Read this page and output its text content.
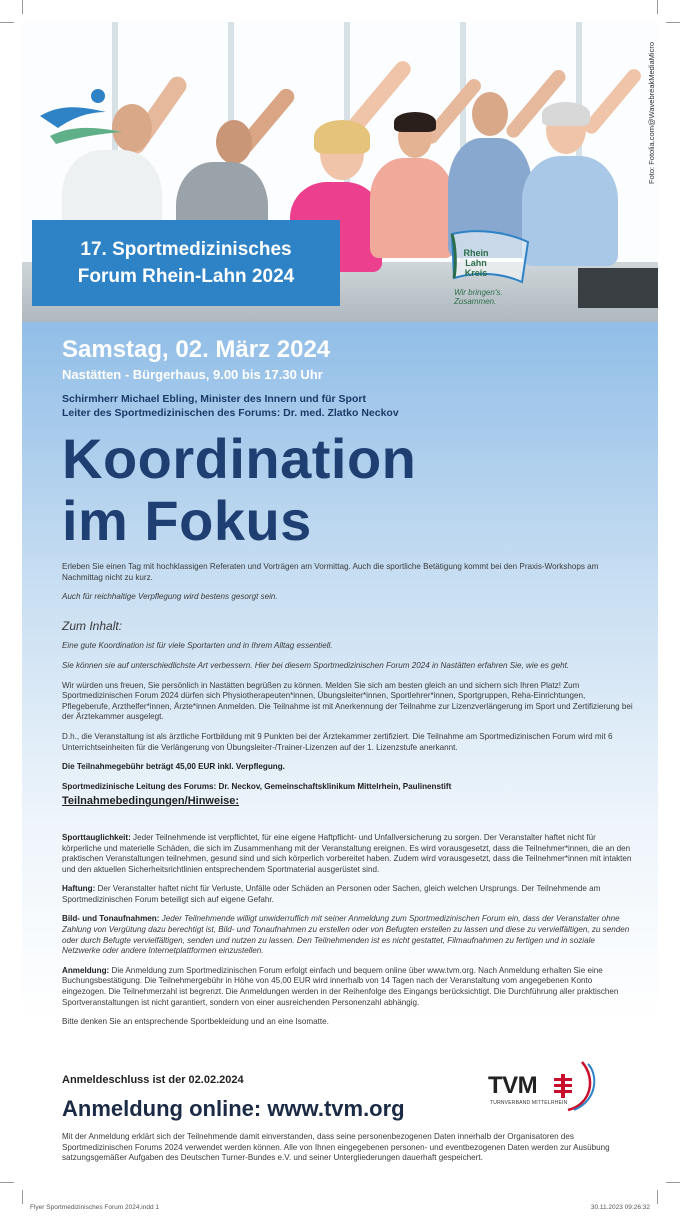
Foto: Fotolia.com@WavebreakMediaMicro
17. Sportmedizinisches
Forum Rhein-Lahn 2024
Rhein
Lahn
Kreis
Wir bringen's. Zusammen.
Samstag, 02. März 2024
Nastätten - Bürgerhaus, 9.00 bis 17.30 Uhr
Schirmherr Michael Ebling, Minister des Innern und für Sport
Leiter des Sportmedizinischen des Forums: Dr. med. Zlatko Neckov
Koordination
im Fokus

Erleben Sie einen Tag mit hochklassigen Referaten und Vorträgen am Vormittag. Auch die sportliche Betätigung kommt bei den Praxis-Workshops am Nachmittag nicht zu kurz.

Auch für reichhaltige Verpflegung wird bestens gesorgt sein.

Zum Inhalt:

Eine gute Koordination ist für viele Sportarten und in Ihrem Alltag essentiell.

Sie können sie auf unterschiedlichste Art verbessern. Hier bei diesem Sportmedizinischen Forum 2024 in Nastätten erfahren Sie, wie es geht.

Wir würden uns freuen, Sie persönlich in Nastätten begrüßen zu können. Melden Sie sich am besten gleich an und sichern sich Ihren Platz! Zum Sportmedizinischen Forum 2024 dürfen sich Physiotherapeuten*innen, Übungsleiter*innen, Sportlehrer*innen, Sportgruppen, Reha-Einrichtungen, Pflegeberufe, Arzthelfer*innen, Ärzte*innen Anmelden. Die Teilnahme ist mit Anerkennung der Teilnahme zur Lizenzverlängerung im Sport und Zertifizierung bei der Ärztekammer ausgelegt.

D.h., die Veranstaltung ist als ärztliche Fortbildung mit 9 Punkten bei der Ärztekammer zertifiziert. Die Teilnahme am Sportmedizinischen Forum wird mit 6 Unterrichtseinheiten für die Verlängerung von Übungsleiter-/Trainer-Lizenzen auf der 1. Lizenzstufe anerkannt.

Die Teilnahmegebühr beträgt 45,00 EUR inkl. Verpflegung.

Sportmedizinische Leitung des Forums: Dr. Neckov, Gemeinschaftsklinikum Mittelrhein, Paulinenstift

Teilnahmebedingungen/Hinweise:

Sporttauglichkeit: Jeder Teilnehmende ist verpflichtet, für eine eigene Haftpflicht- und Unfallversicherung zu sorgen. Der Veranstalter haftet nicht für körperliche und materielle Schäden, die sich im Zusammenhang mit der Veranstaltung ereignen. Es wird vorausgesetzt, dass die Teilnehmer*innen, die an den praktischen Veranstaltungen teilnehmen, gesund sind und sich körperlich vorbereitet haben. Zudem wird vorausgesetzt, dass die Teilnehmer*innen mit intakten und den aktuellen Sicherheitsrichtlinien entsprechendem Sportmaterial ausgerüstet sind.

Haftung: Der Veranstalter haftet nicht für Verluste, Unfälle oder Schäden an Personen oder Sachen, gleich welchen Ursprungs. Der Teilnehmende am Sportmedizinischen Forum beteiligt sich auf eigene Gefahr.

Bild- und Tonaufnahmen: Jeder Teilnehmende willigt unwiderruflich mit seiner Anmeldung zum Sportmedizinischen Forum ein, dass der Veranstalter ohne Zahlung von Vergütung dazu berechtigt ist, Bild- und Tonaufnahmen zu erstellen oder von Befugten erstellen zu lassen und diese zu vervielfältigen, zu senden oder durch Befugte vervielfältigen, senden und nutzen zu lassen. Den Teilnehmenden ist es nicht gestattet, Filmaufnahmen zu fertigen und in soziale Netzwerke oder andere Internetplattformen einzustellen.

Anmeldung: Die Anmeldung zum Sportmedizinischen Forum erfolgt einfach und bequem online über www.tvm.org. Nach Anmeldung erhalten Sie eine Buchungsbestätigung. Die Teilnehmergebühr in Höhe von 45,00 EUR wird innerhalb von 14 Tagen nach der Veranstaltung vom angegebenen Konto eingezogen. Die Teilnehmerzahl ist begrenzt. Die Anmeldungen werden in der Reihenfolge des Eingangs berücksichtigt. Die Durchführung aller praktischen Sportveranstaltungen ist nicht garantiert, sondern von einer ausreichenden Personenzahl abhängig.

Bitte denken Sie an entsprechende Sportbekleidung und an eine Isomatte.

Anmeldeschluss ist der 02.02.2024
Anmeldung online: www.tvm.org
TVM
TURNVERBAND MITTELRHEIN
Mit der Anmeldung erklärt sich der Teilnehmende damit einverstanden, dass seine personenbezogenen Daten innerhalb der Organisatoren des Sportmedizinischen Forums 2024 verwendet werden können. Alle von Ihnen eingegebenen personen- und eventbezogenen Daten werden zur Ausübung satzungsgemäßer Aufgaben des Deutschen Turner-Bundes e.V. und seiner Untergliederungen dauerhaft gespeichert.
Flyer Sportmedizinisches Forum 2024.indd 1	30.11.2023 09:26:32
